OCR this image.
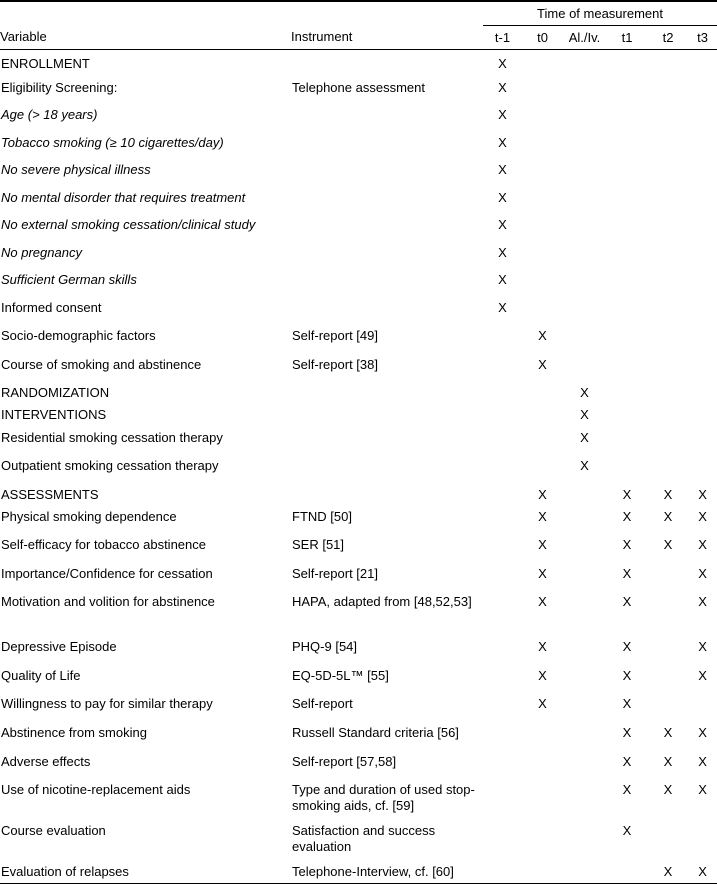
		Time of measurement					
Variable	Instrument	t-1	t0	Al./Iv.	t1	t2	t3
ENROLLMENT		X					
Eligibility Screening:	Telephone assessment	X					
Age (> 18 years)		X					
Tobacco smoking (≥ 10 cigarettes/day)		X					
No severe physical illness		X					
No mental disorder that requires treatment		X					
No external smoking cessation/clinical study		X					
No pregnancy		X					
Sufficient German skills		X					
Informed consent		X					
Socio-demographic factors	Self-report [49]		X				
Course of smoking and abstinence	Self-report [38]		X				
RANDOMIZATION				X			
INTERVENTIONS				X			
Residential smoking cessation therapy				X			
Outpatient smoking cessation therapy				X			
ASSESSMENTS			X		X	X	X
Physical smoking dependence	FTND [50]		X		X	X	X
Self-efficacy for tobacco abstinence	SER [51]		X		X	X	X
Importance/Confidence for cessation	Self-report [21]		X		X		X
Motivation and volition for abstinence	HAPA, adapted from [48,52,53]		X		X		X
Depressive Episode	PHQ-9 [54]		X		X		X
Quality of Life	EQ-5D-5L™ [55]		X		X		X
Willingness to pay for similar therapy	Self-report		X		X		
Abstinence from smoking	Russell Standard criteria [56]				X	X	X
Adverse effects	Self-report [57,58]				X	X	X
Use of nicotine-replacement aids	Type and duration of used stop-smoking aids, cf. [59]				X	X	X
Course evaluation	Satisfaction and success evaluation				X		
Evaluation of relapses	Telephone-Interview, cf. [60]					X	X
